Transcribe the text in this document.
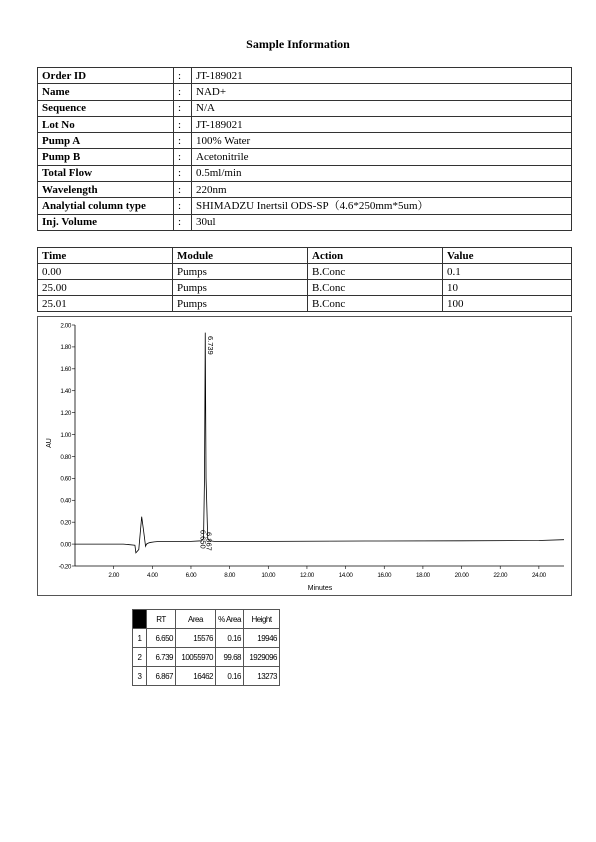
Sample Information
Order ID	:	JT-189021
Name	:	NAD+
Sequence	:	N/A
Lot No	:	JT-189021
Pump A	:	100% Water
Pump B	:	Acetonitrile
Total Flow	:	0.5ml/min
Wavelength	:	220nm
Analytial column type	:	SHIMADZU Inertsil ODS-SP（4.6*250mm*5um）
Inj. Volume	:	30ul
Time	Module	Action	Value
0.00	Pumps	B.Conc	0.1
25.00	Pumps	B.Conc	10
25.01	Pumps	B.Conc	100
AU
Minutes
-0.20
0.00
0.20
0.40
0.60
0.80
1.00
1.20
1.40
1.60
1.80
2.00
2.00	4.00	6.00	8.00	10.00	12.00	14.00	16.00	18.00	20.00	22.00	24.00
6.739
6.650
6.867
	RT	Area	% Area	Height
1	6.650	15576	0.16	19946
2	6.739	10055970	99.68	1929096
3	6.867	16462	0.16	13273
